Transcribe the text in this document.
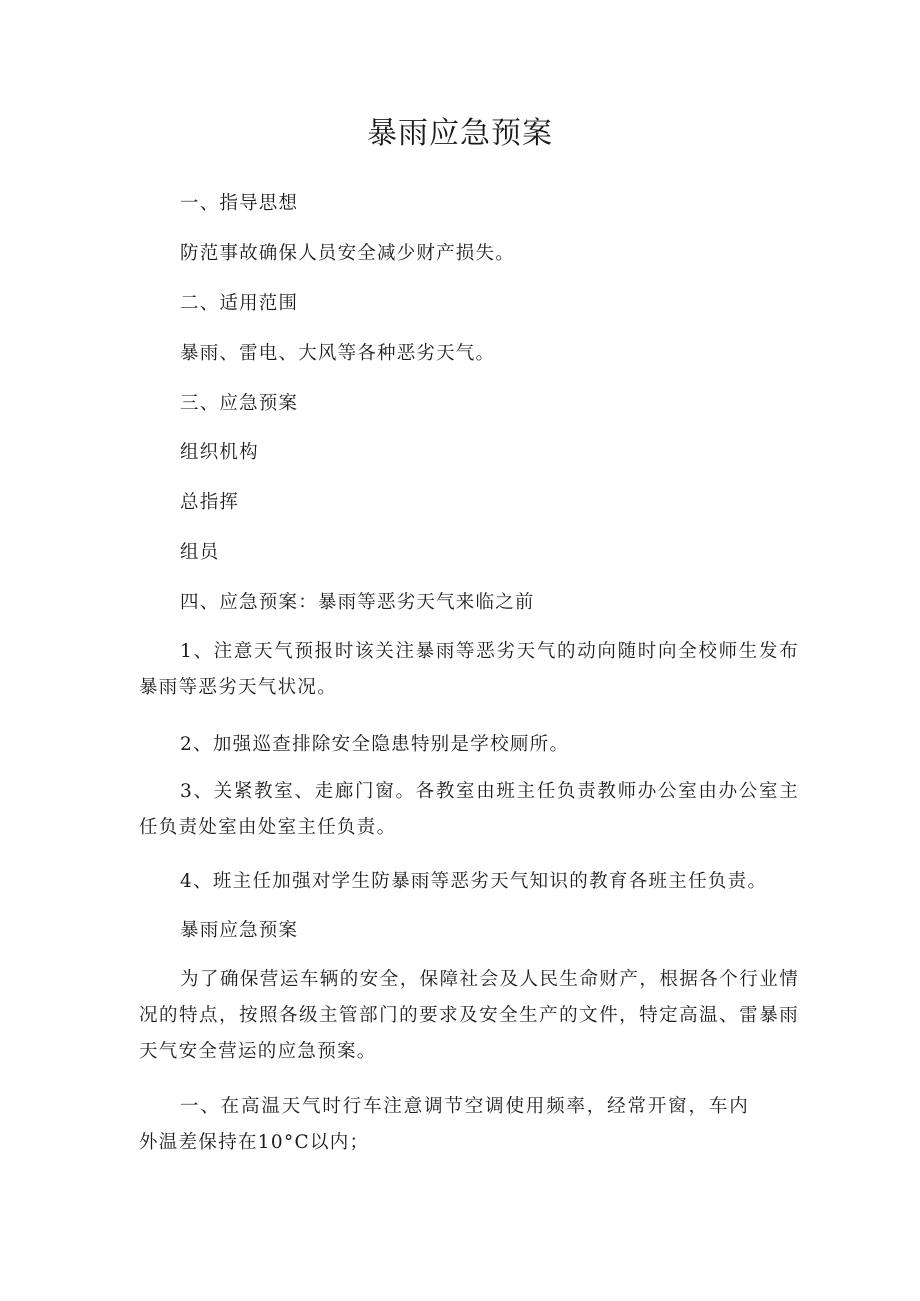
暴雨应急预案

一、指导思想

防范事故确保人员安全减少财产损失。

二、适用范围

暴雨、雷电、大风等各种恶劣天气。

三、应急预案

组织机构

总指挥

组员

四、应急预案：暴雨等恶劣天气来临之前

1、注意天气预报时该关注暴雨等恶劣天气的动向随时向全校师生发布暴雨等恶劣天气状况。

2、加强巡查排除安全隐患特别是学校厕所。

3、关紧教室、走廊门窗。各教室由班主任负责教师办公室由办公室主任负责处室由处室主任负责。

4、班主任加强对学生防暴雨等恶劣天气知识的教育各班主任负责。

暴雨应急预案

为了确保营运车辆的安全，保障社会及人民生命财产，根据各个行业情况的特点，按照各级主管部门的要求及安全生产的文件，特定高温、雷暴雨天气安全营运的应急预案。

一、在高温天气时行车注意调节空调使用频率，经常开窗，车内外温差保持在10°C以内；
